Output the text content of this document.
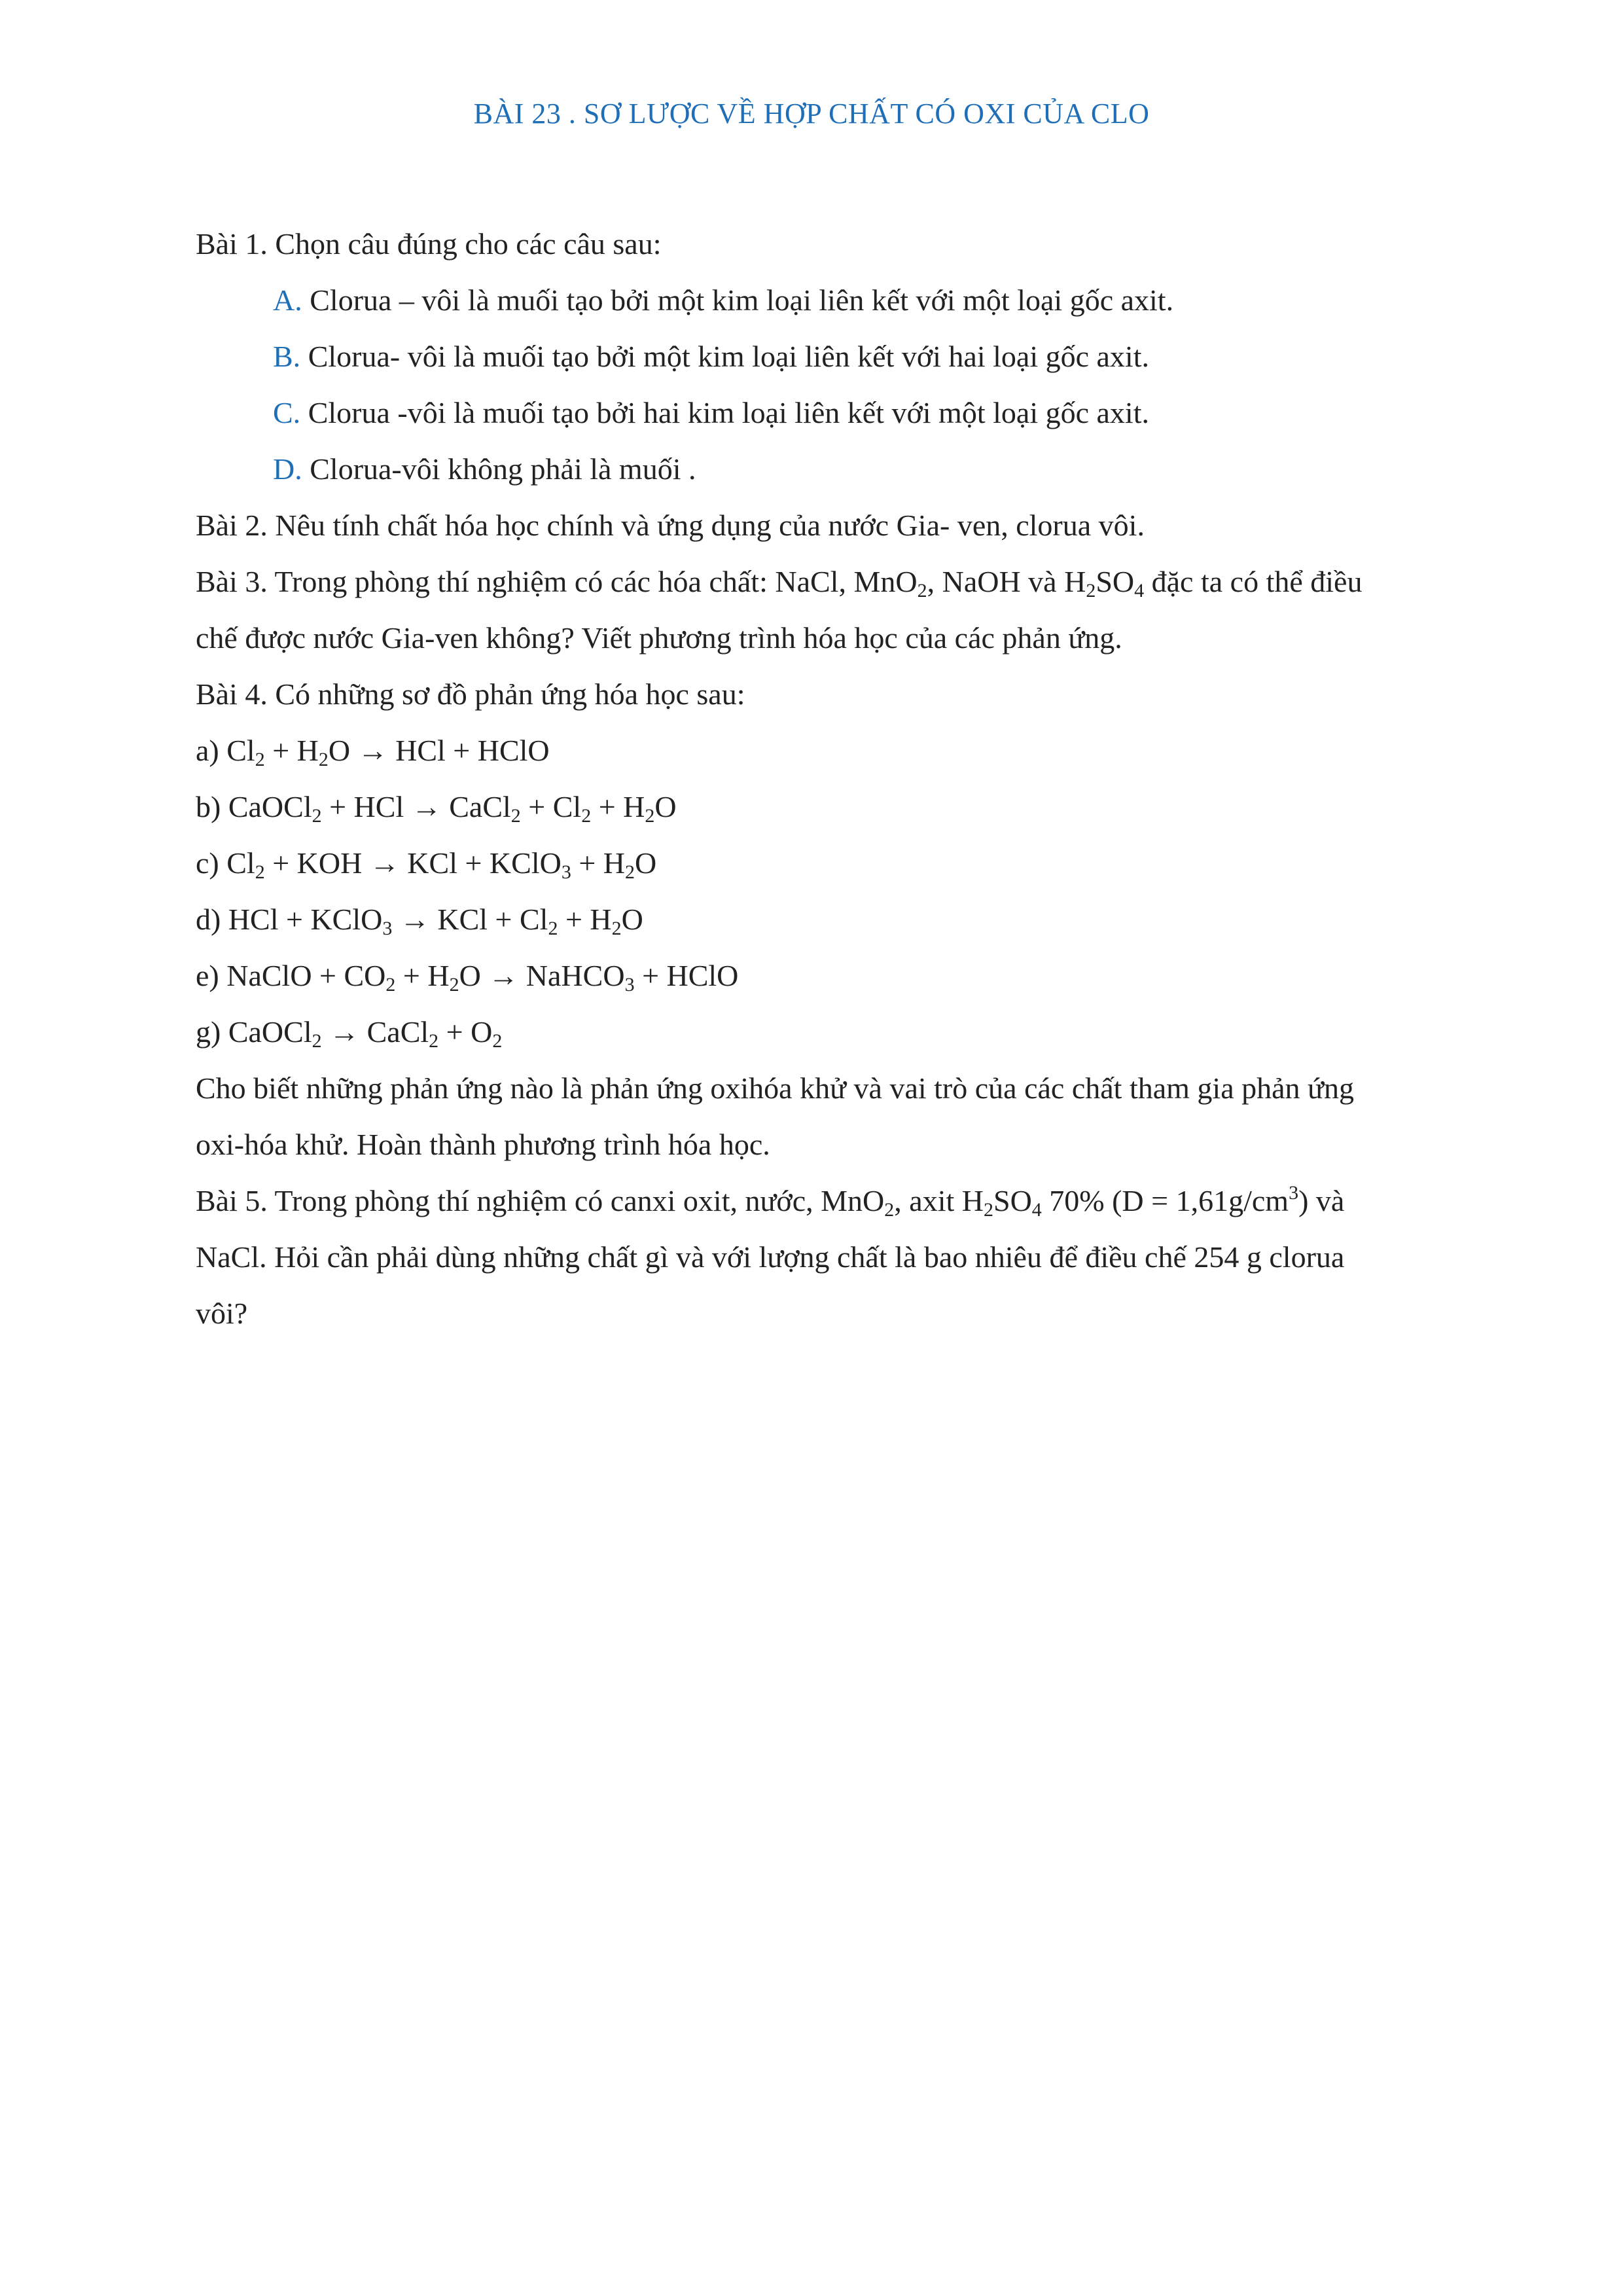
BÀI 23 . SƠ LƯỢC VỀ HỢP CHẤT CÓ OXI CỦA CLO
Bài 1. Chọn câu đúng cho các câu sau:
A. Clorua – vôi là muối tạo bởi một kim loại liên kết với một loại gốc axit.
B. Clorua- vôi là muối tạo bởi một kim loại liên kết với hai loại gốc axit.
C. Clorua -vôi là muối tạo bởi hai kim loại liên kết với một loại gốc axit.
D. Clorua-vôi không phải là muối .
Bài 2. Nêu tính chất hóa học chính và ứng dụng của nước Gia- ven, clorua vôi.
Bài 3. Trong phòng thí nghiệm có các hóa chất: NaCl, MnO$_2$, NaOH và $H_2SO_4$ đặc ta có thể điều
chế được nước Gia-ven không? Viết phương trình hóa học của các phản ứng.
Bài 4. Có những sơ đồ phản ứng hóa học sau:
a) $Cl_2 + H_2O$ → HCl + HClO
b) CaOCl$_2$ + HCl → CaCl$_2$ + $Cl_2 + H_2O$
c) $Cl_2$ + KOH → KCl + KClO$_3$ + $H_2O$
d) HCl + KClO$_3$ → KCl + $Cl_2 + H_2O$
e) NaClO + $CO_2 + H_2O$ → NaHCO$_3$ + HClO
g) CaOCl$_2$ → CaCl$_2$ + $O_2$
Cho biết những phản ứng nào là phản ứng oxihóa khử và vai trò của các chất tham gia phản ứng
oxi-hóa khử. Hoàn thành phương trình hóa học.
Bài 5. Trong phòng thí nghiệm có canxi oxit, nước, MnO$_2$, axit $H_2SO_4$ 70% $(D = 1,61g/cm^3)$ và
NaCl. Hỏi cần phải dùng những chất gì và với lượng chất là bao nhiêu để điều chế 254 g clorua
vôi?
